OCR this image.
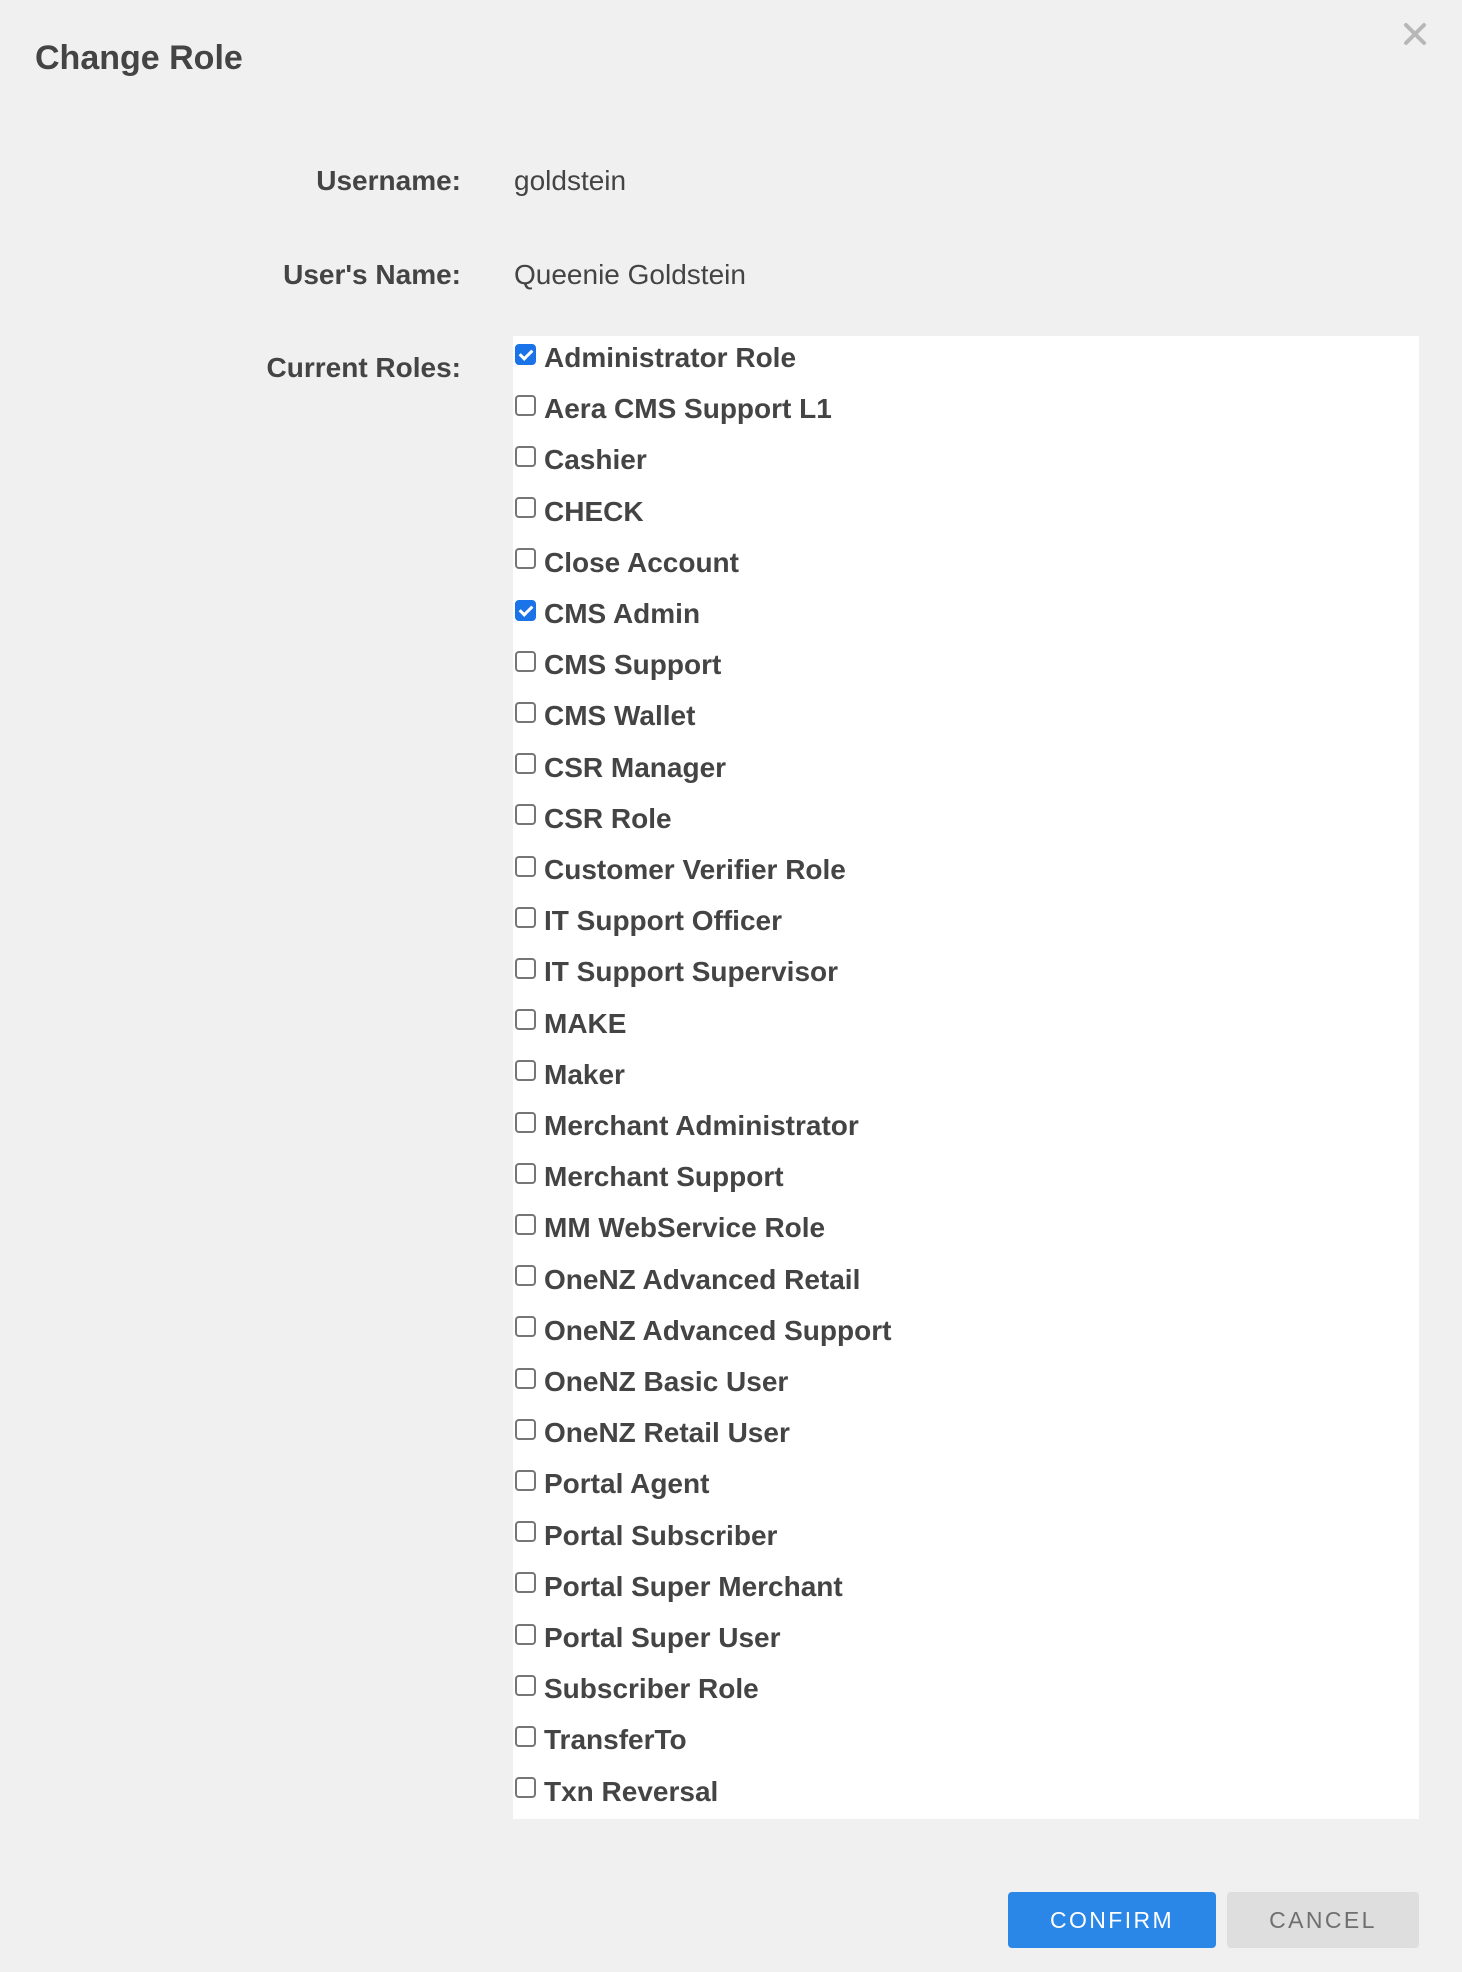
Change Role
Username: goldstein
User's Name: Queenie Goldstein
Current Roles:	Administrator Role
Aera CMS Support L1
Cashier
CHECK
Close Account
CMS Admin
CMS Support
CMS Wallet
CSR Manager
CSR Role
Customer Verifier Role
IT Support Officer
IT Support Supervisor
MAKE
Maker
Merchant Administrator
Merchant Support
MM WebService Role
OneNZ Advanced Retail
OneNZ Advanced Support
OneNZ Basic User
OneNZ Retail User
Portal Agent
Portal Subscriber
Portal Super Merchant
Portal Super User
Subscriber Role
TransferTo
Txn Reversal
CONFIRM	CANCEL
